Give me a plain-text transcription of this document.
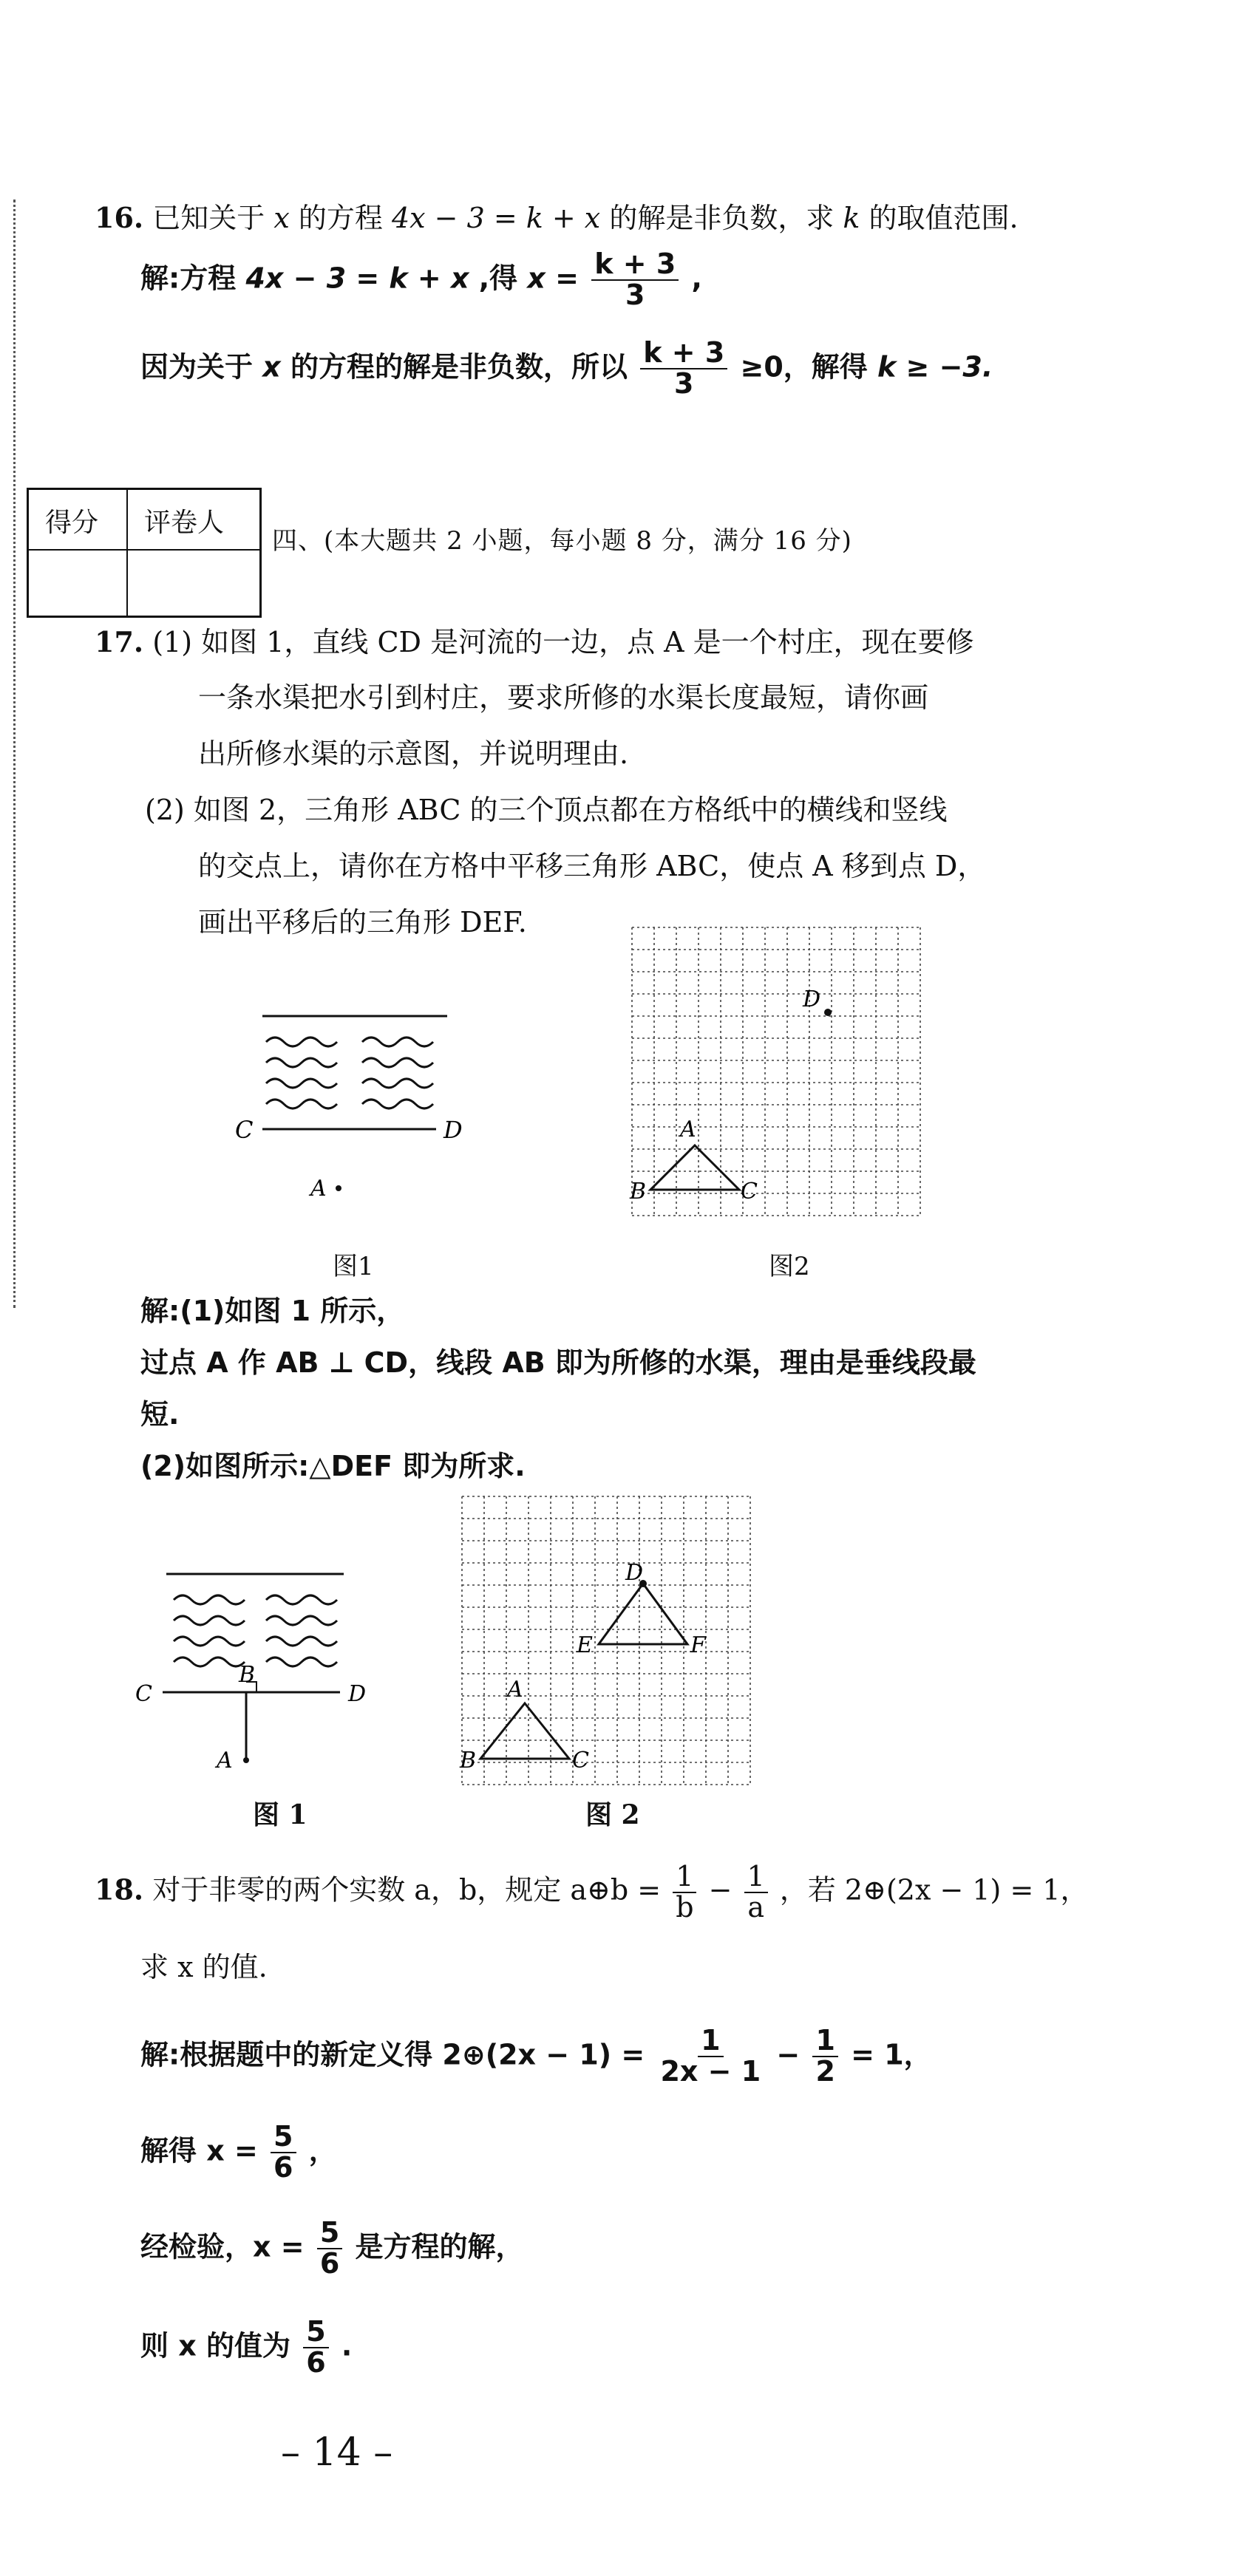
16. 已知关于 x 的方程 4x − 3 = k + x 的解是非负数，求 k 的取值范围.
解:方程 4x − 3 = k + x ,得 $x = \frac{k + 3}{3}$ ,
因为关于 x 的方程的解是非负数，所以 $\frac{k + 3}{3} \ge 0$，解得 k ≥ −3.
得分 评卷人
四、(本大题共 2 小题，每小题 8 分，满分 16 分)
17. (1) 如图 1，直线 CD 是河流的一边，点 A 是一个村庄，现在要修
一条水渠把水引到村庄，要求所修的水渠长度最短，请你画
出所修水渠的示意图，并说明理由.
(2) 如图 2，三角形 ABC 的三个顶点都在方格纸中的横线和竖线
的交点上，请你在方格中平移三角形 ABC，使点 A 移到点 D，
画出平移后的三角形 DEF.
C	D
A
图1
A
B	C
D
图2
解:(1)如图 1 所示，
过点 A 作 AB ⊥ CD，线段 AB 即为所修的水渠，理由是垂线段最
短.
(2)如图所示:△DEF 即为所求.
C	D
B
A
图 1
A
B	C
D
E	F
图 2
18. 对于非零的两个实数 a，b，规定 a⊕b = $\frac{1}{b} - \frac{1}{a}$ ，若 2⊕(2x − 1) = 1，
求 x 的值.
解:根据题中的新定义得 2⊕(2x − $1) = \frac{1}{2x - 1} - \frac{1}{2} = 1$，
解得 $x = \frac{5}{6}$ ，
经检验，$x = \frac{5}{6}$ 是方程的解，
则 x 的值为 $\frac{5}{6}$ .
– 14 –
